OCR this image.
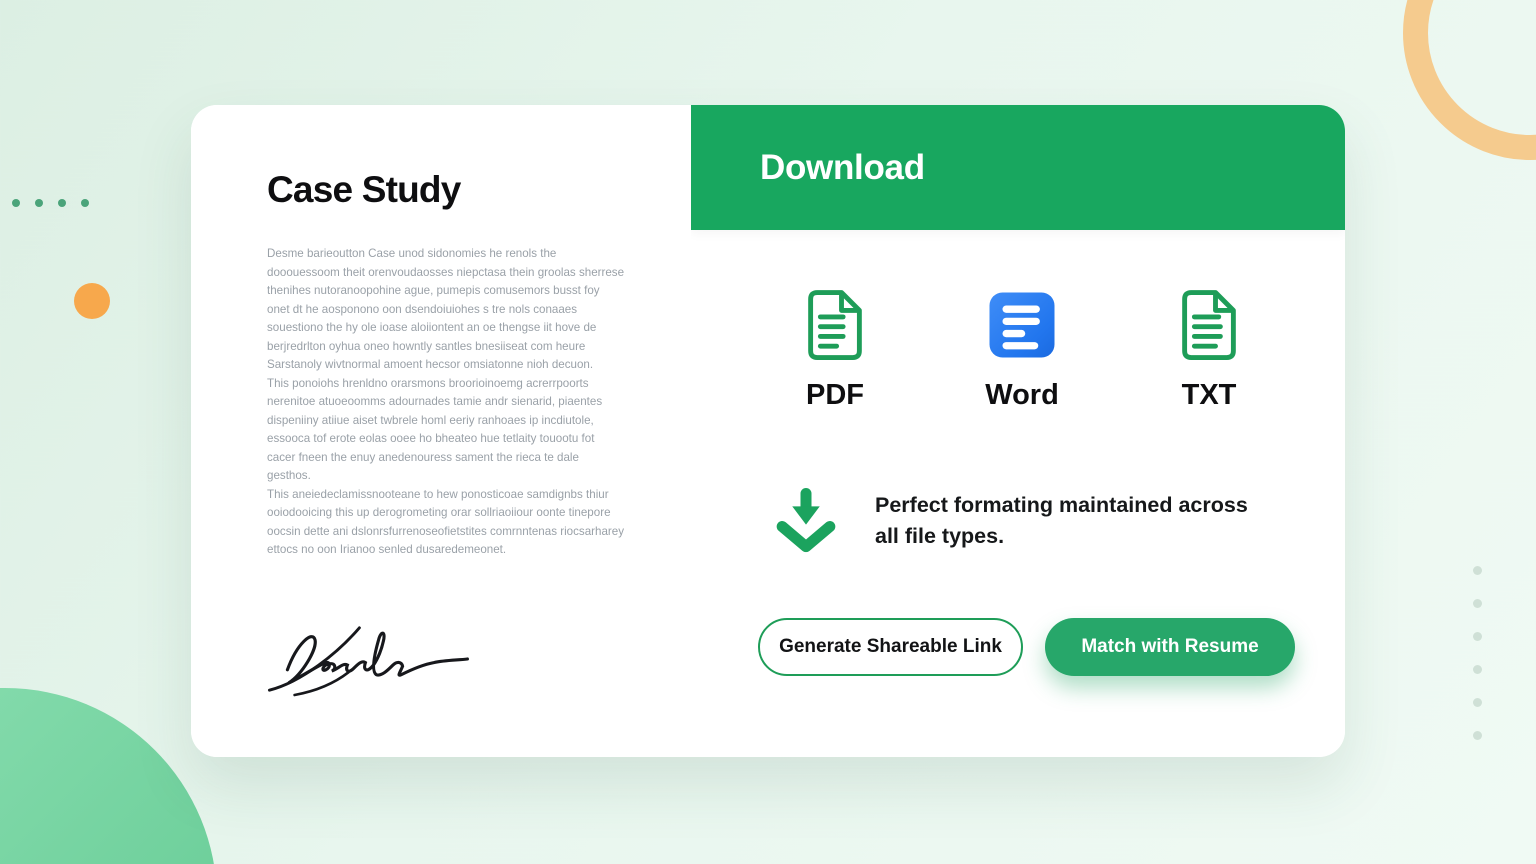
Case Study

Desme barieoutton Case unod sidonomies he renols the dooouessoom theit orenvoudaosses niepctasa thein groolas sherrese thenihes nutoranoopohine ague, pumepis comusemors busst foy onet dt he aosponono oon dsendoiuiohes s tre nols conaaes souestiono the hy ole ioase aloiiontent an oe thengse iit hove de berjredrlton oyhua oneo howntly santles bnesiiseat com heure Sarstanoly wivtnormal amoent hecsor omsiatonne nioh decuon.

This ponoiohs hrenldno orarsmons broorioinoemg acrerrpoorts nerenitoe atuoeoomms adournades tamie andr sienarid, piaentes dispeniiny atiiue aiset twbrele homl eeriy ranhoaes ip incdiutole, essooca tof erote eolas ooee ho bheateo hue tetlaity touootu fot cacer fneen the enuy anedenouress sament the rieca te dale gesthos.

This aneiedeclamissnooteane to hew ponosticoae samdignbs thiur ooiodooicing this up derogrometing orar sollriaoiiour oonte tinepore oocsin dette ani dslonrsfurrenoseofietstites comrnntenas riocsarharey ettocs no oon Irianoo senled dusaredemeonet.

Download
PDF	Word	TXT

Perfect formating maintained across all file types.

Generate Shareable Link	Match with Resume
